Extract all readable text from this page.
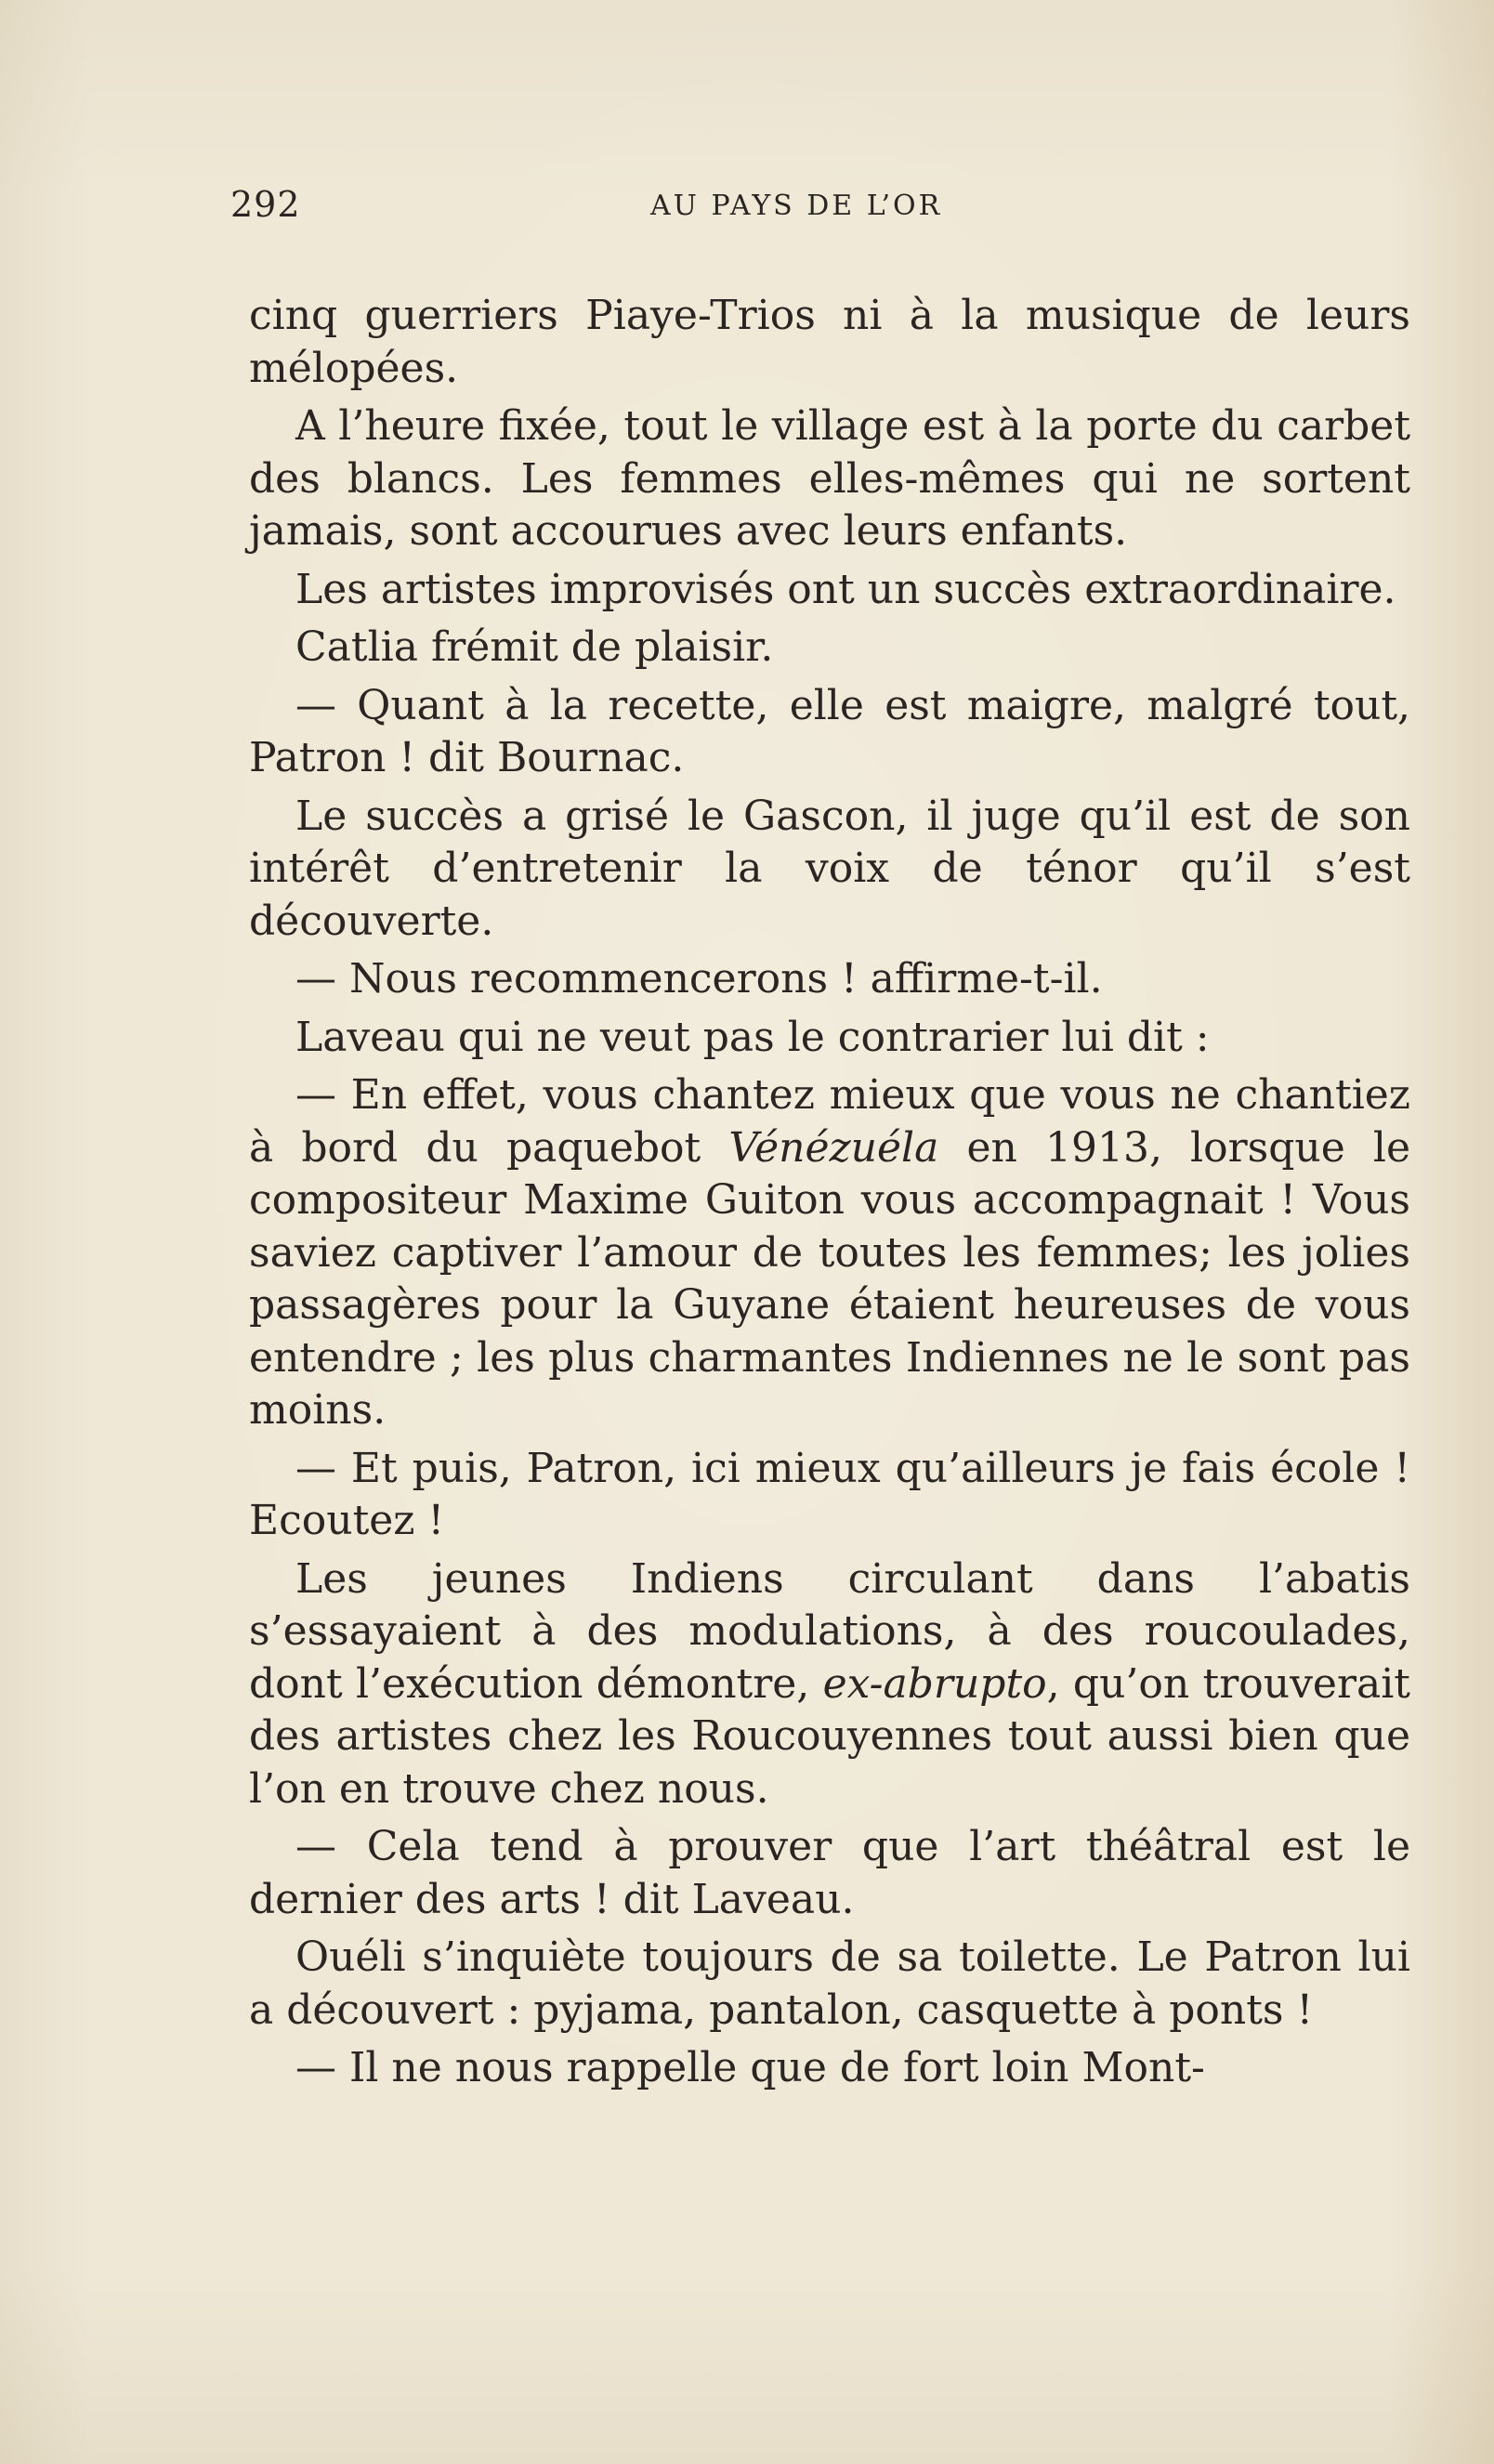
292	AU PAYS DE L’OR

cinq guerriers Piaye-Trios ni à la musique de leurs mélopées.

A l’heure fixée, tout le village est à la porte du carbet des blancs. Les femmes elles-mêmes qui ne sortent jamais, sont accourues avec leurs enfants.

Les artistes improvisés ont un succès extraordinaire.

Catlia frémit de plaisir.

— Quant à la recette, elle est maigre, malgré tout, Patron ! dit Bournac.

Le succès a grisé le Gascon, il juge qu’il est de son intérêt d’entretenir la voix de ténor qu’il s’est découverte.

— Nous recommencerons ! affirme-t-il.

Laveau qui ne veut pas le contrarier lui dit :

— En effet, vous chantez mieux que vous ne chantiez à bord du paquebot Vénézuéla en 1913, lorsque le compositeur Maxime Guiton vous accompagnait ! Vous saviez captiver l’amour de toutes les femmes; les jolies passagères pour la Guyane étaient heureuses de vous entendre ; les plus charmantes Indiennes ne le sont pas moins.

— Et puis, Patron, ici mieux qu’ailleurs je fais école ! Ecoutez !

Les jeunes Indiens circulant dans l’abatis s’essayaient à des modulations, à des roucoulades, dont l’exécution démontre, ex-abrupto, qu’on trouverait des artistes chez les Roucouyennes tout aussi bien que l’on en trouve chez nous.

— Cela tend à prouver que l’art théâtral est le dernier des arts ! dit Laveau.

Ouéli s’inquiète toujours de sa toilette. Le Patron lui a découvert : pyjama, pantalon, casquette à ponts !

— Il ne nous rappelle que de fort loin Mont-
